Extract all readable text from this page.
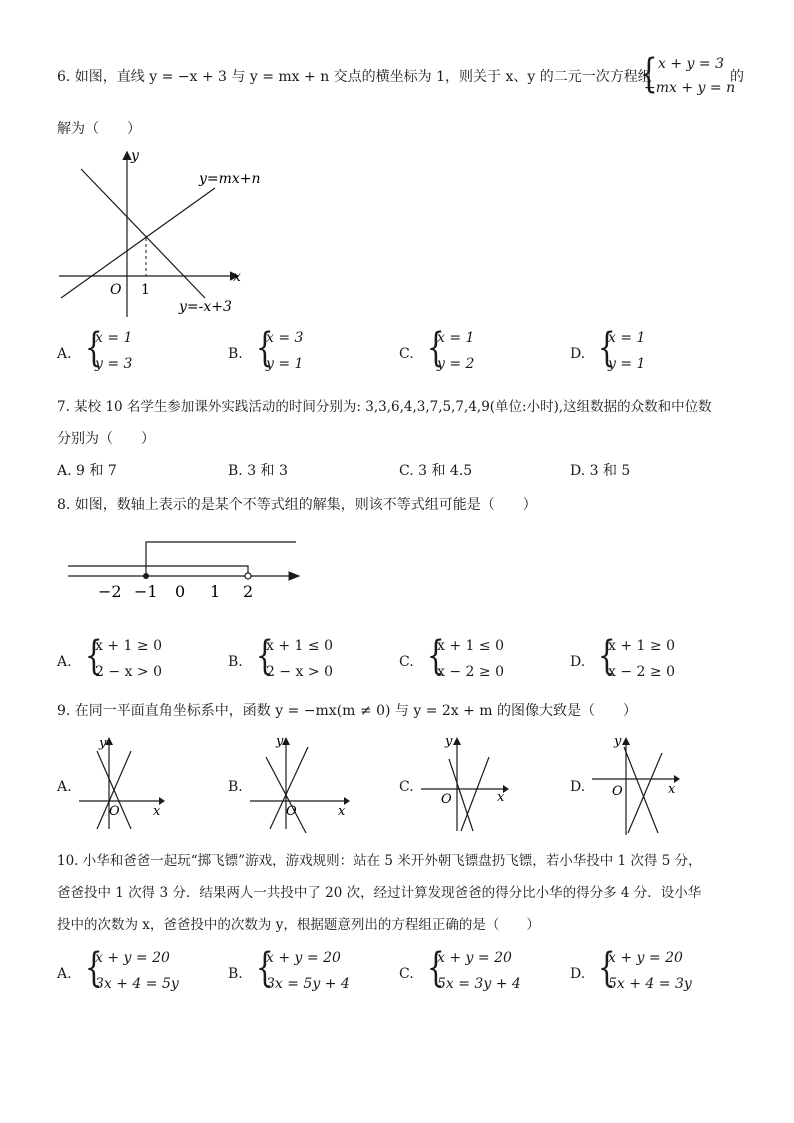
6. 如图，直线 y = −x + 3 与 y = mx + n 交点的横坐标为 1，则关于 x、y 的二元一次方程组
{ x + y = 3
−mx + y = n
的
解为（　　）
y
x
O 1
y=mx+n
y=-x+3
A. {
x = 1
y = 3
B. {
x = 3
y = 1
C. {
x = 1
y = 2
D. {
x = 1
y = 1
7. 某校 10 名学生参加课外实践活动的时间分别为: 3,3,6,4,3,7,5,7,4,9(单位:小时),这组数据的众数和中位数
分别为（　　）
A. 9 和 7	B. 3 和 3	C. 3 和 4.5	D. 3 和 5
8. 如图，数轴上表示的是某个不等式组的解集，则该不等式组可能是（　　）
−2 −1 0 1 2
A. {
x + 1 ≥ 0
2 − x > 0
B. {
x + 1 ≤ 0
2 − x > 0
C. {
x + 1 ≤ 0
x − 2 ≥ 0
D. {
x + 1 ≥ 0
x − 2 ≥ 0
9. 在同一平面直角坐标系中，函数 y = −mx(m ≠ 0) 与 y = 2x + m 的图像大致是（　　）
A.
y
O	x
B.
y
O	x
C.
y
O	x
D.
y
O	x
10. 小华和爸爸一起玩“掷飞镖”游戏，游戏规则：站在 5 米开外朝飞镖盘扔飞镖，若小华投中 1 次得 5 分，
爸爸投中 1 次得 3 分．结果两人一共投中了 20 次，经过计算发现爸爸的得分比小华的得分多 4 分．设小华
投中的次数为 x，爸爸投中的次数为 y，根据题意列出的方程组正确的是（　　）
A. {
x + y = 20
3x + 4 = 5y
B. {
x + y = 20
3x = 5y + 4
C. {
x + y = 20
5x = 3y + 4
D. {
x + y = 20
5x + 4 = 3y
